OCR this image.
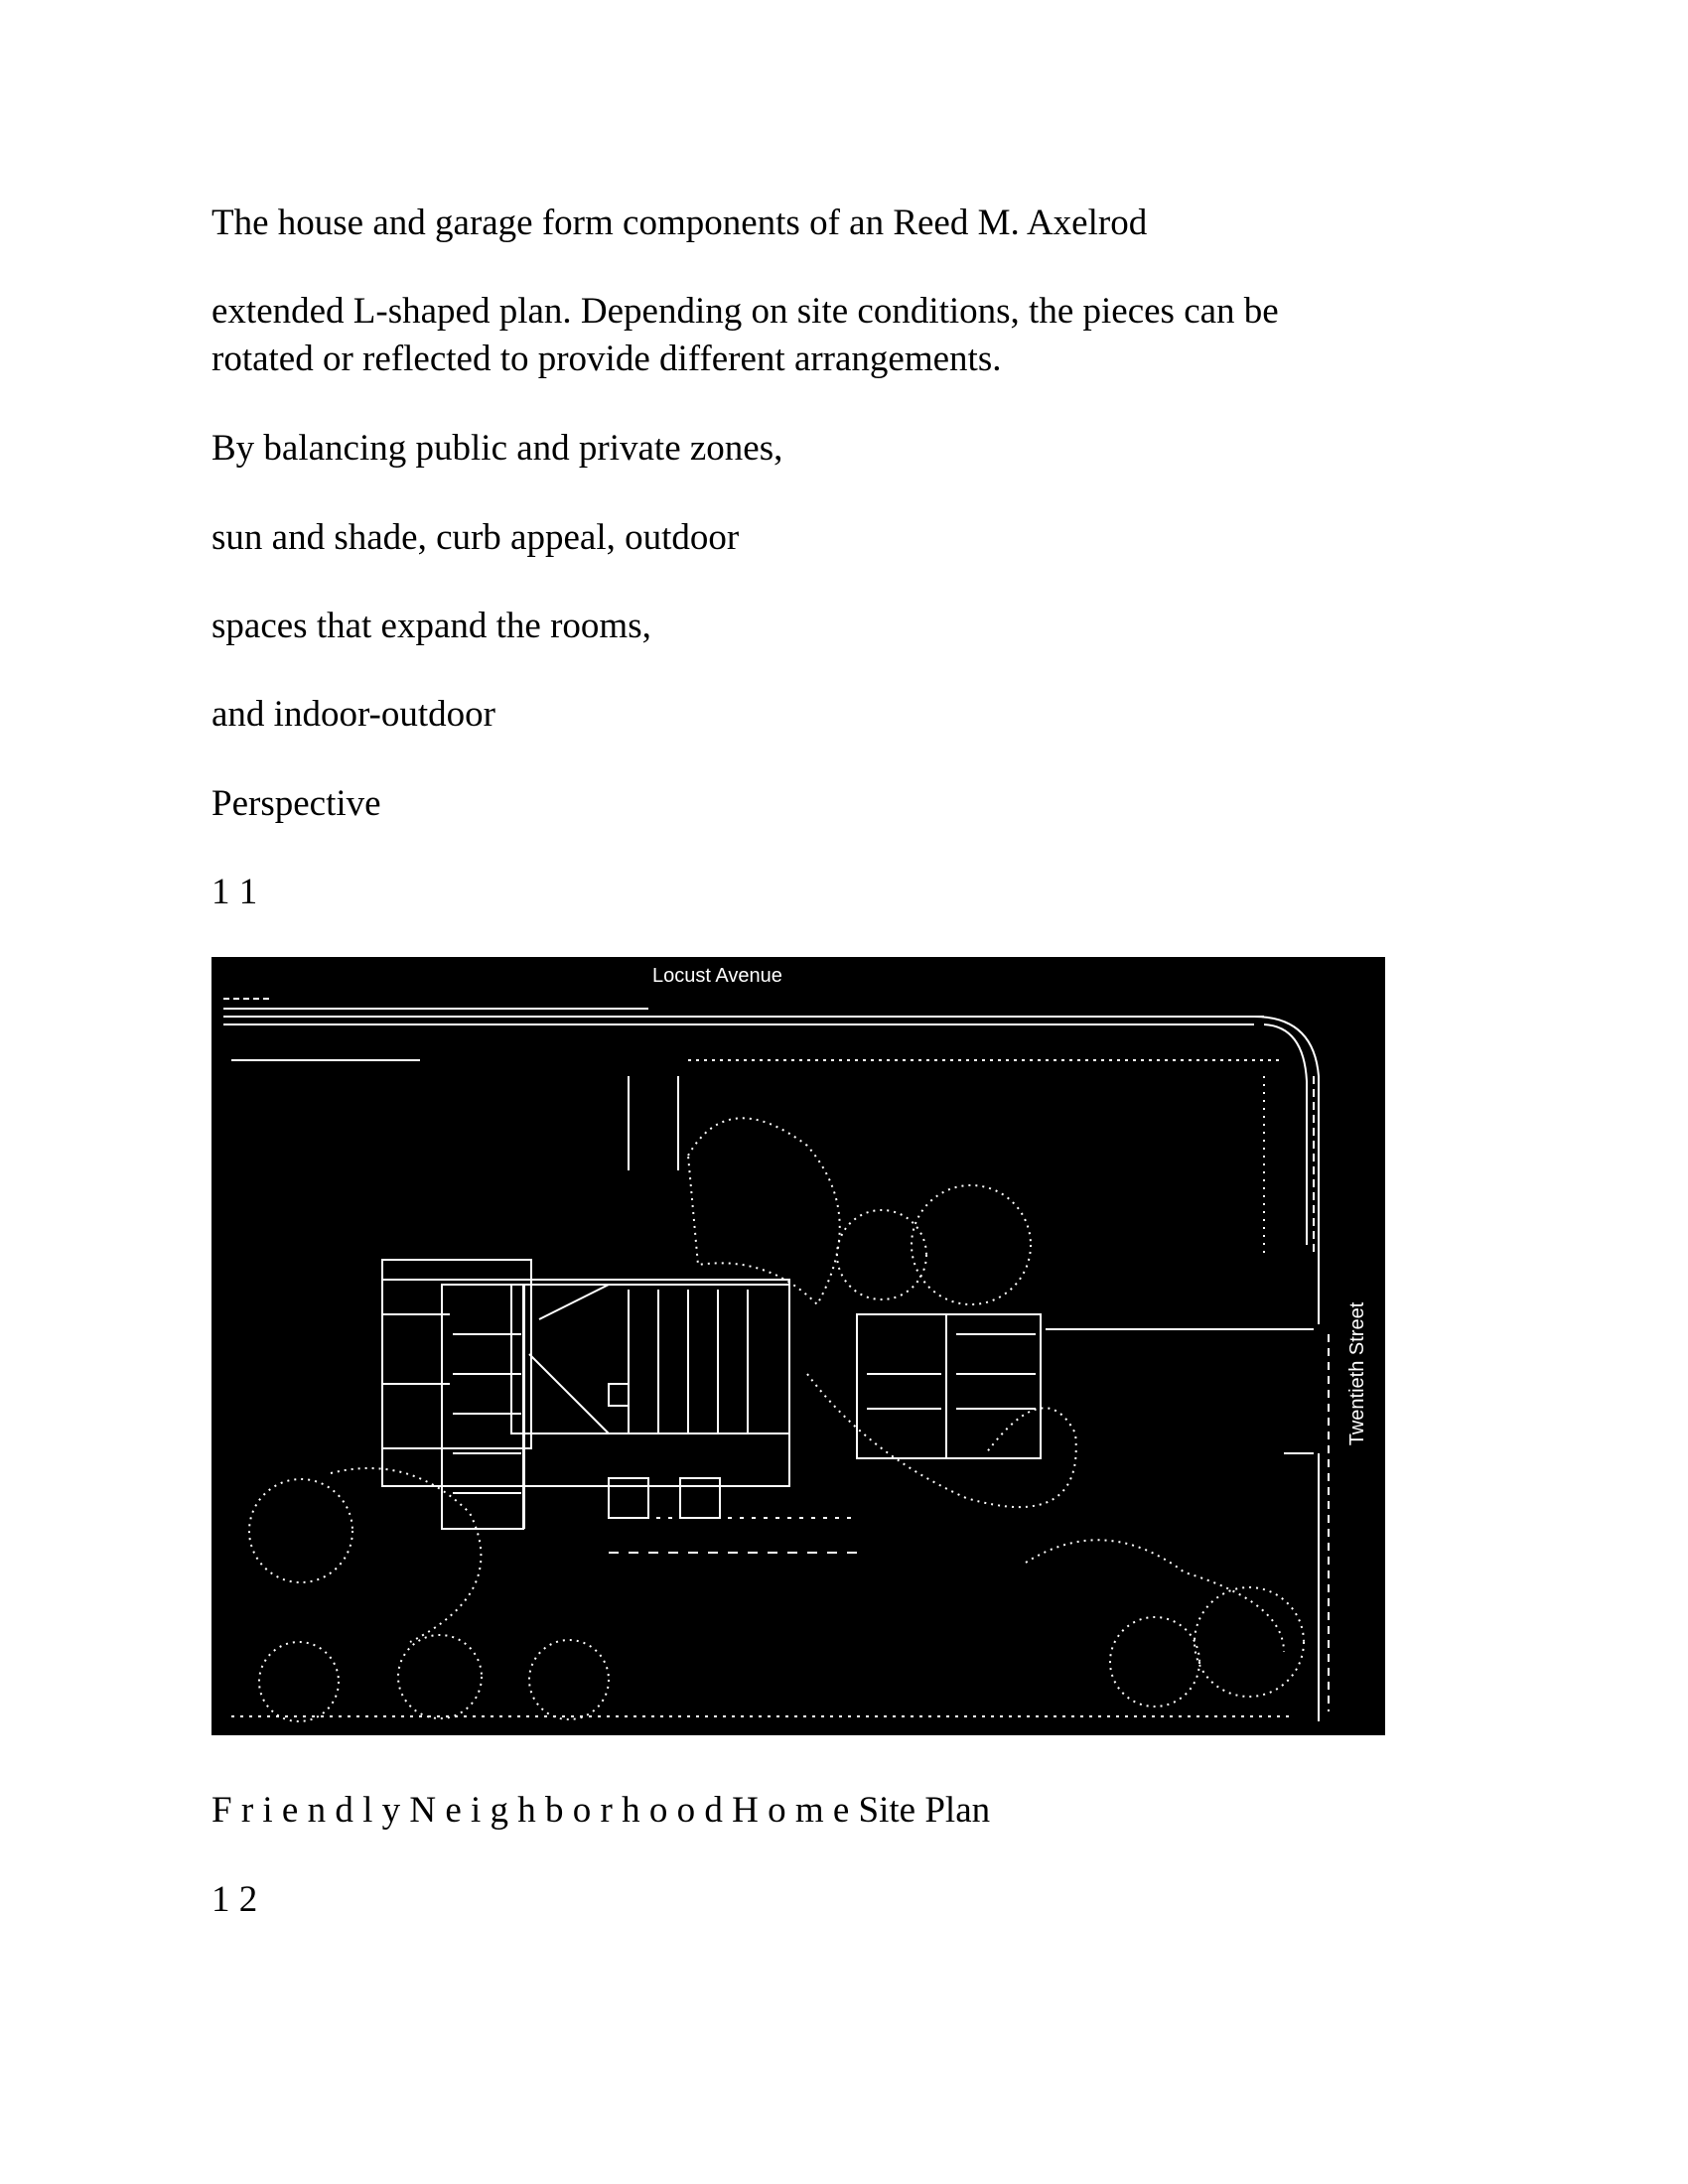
The house and garage form components of an Reed M. Axelrod
extended L-shaped plan. Depending on site conditions, the pieces can be
rotated or reflected to provide different arrangements.
By balancing public and private zones,
sun and shade, curb appeal, outdoor
spaces that expand the rooms,
and indoor-outdoor
Perspective
1 1
Locust Avenue
Twentieth Street
F r i e n d l y N e i g h b o r h o o d H o m e Site Plan
1 2
